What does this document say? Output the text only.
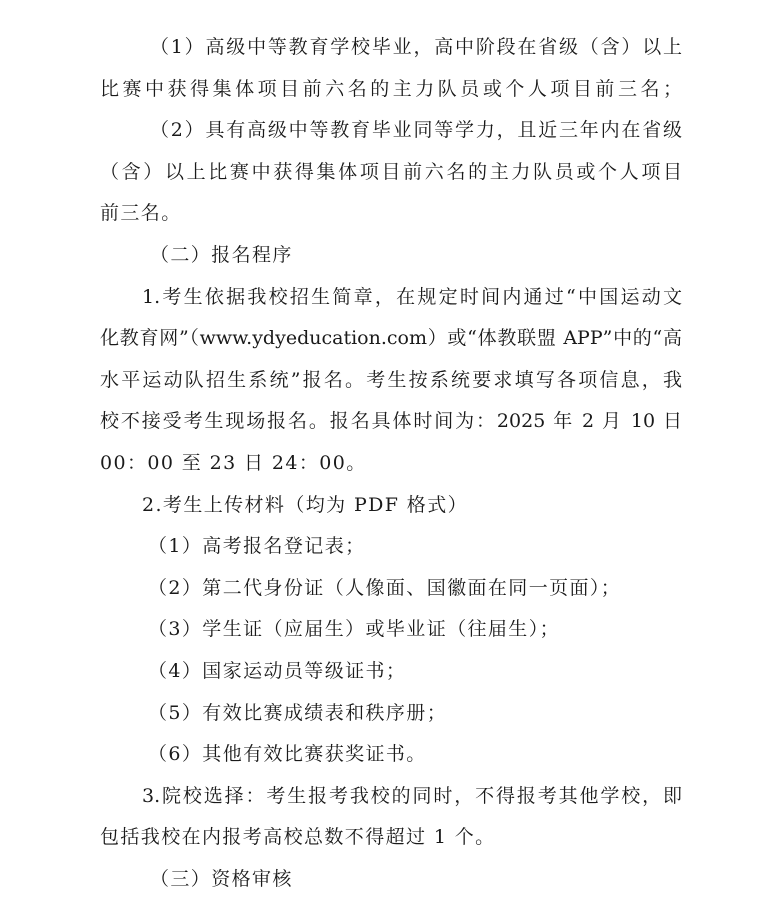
（1）高级中等教育学校毕业，高中阶段在省级（含）以上
比赛中获得集体项目前六名的主力队员或个人项目前三名；
（2）具有高级中等教育毕业同等学力，且近三年内在省级
（含）以上比赛中获得集体项目前六名的主力队员或个人项目
前三名。
（二）报名程序
1.考生依据我校招生简章，在规定时间内通过“中国运动文
化教育网”（www.ydyeducation.com）或“体教联盟 APP”中的“高
水平运动队招生系统”报名。考生按系统要求填写各项信息，我
校不接受考生现场报名。报名具体时间为：2025 年 2 月 10 日
00：00 至 23 日 24：00。
2.考生上传材料（均为 PDF 格式）
（1）高考报名登记表；
（2）第二代身份证（人像面、国徽面在同一页面）；
（3）学生证（应届生）或毕业证（往届生）；
（4）国家运动员等级证书；
（5）有效比赛成绩表和秩序册；
（6）其他有效比赛获奖证书。
3.院校选择：考生报考我校的同时，不得报考其他学校，即
包括我校在内报考高校总数不得超过 1 个。
（三）资格审核
